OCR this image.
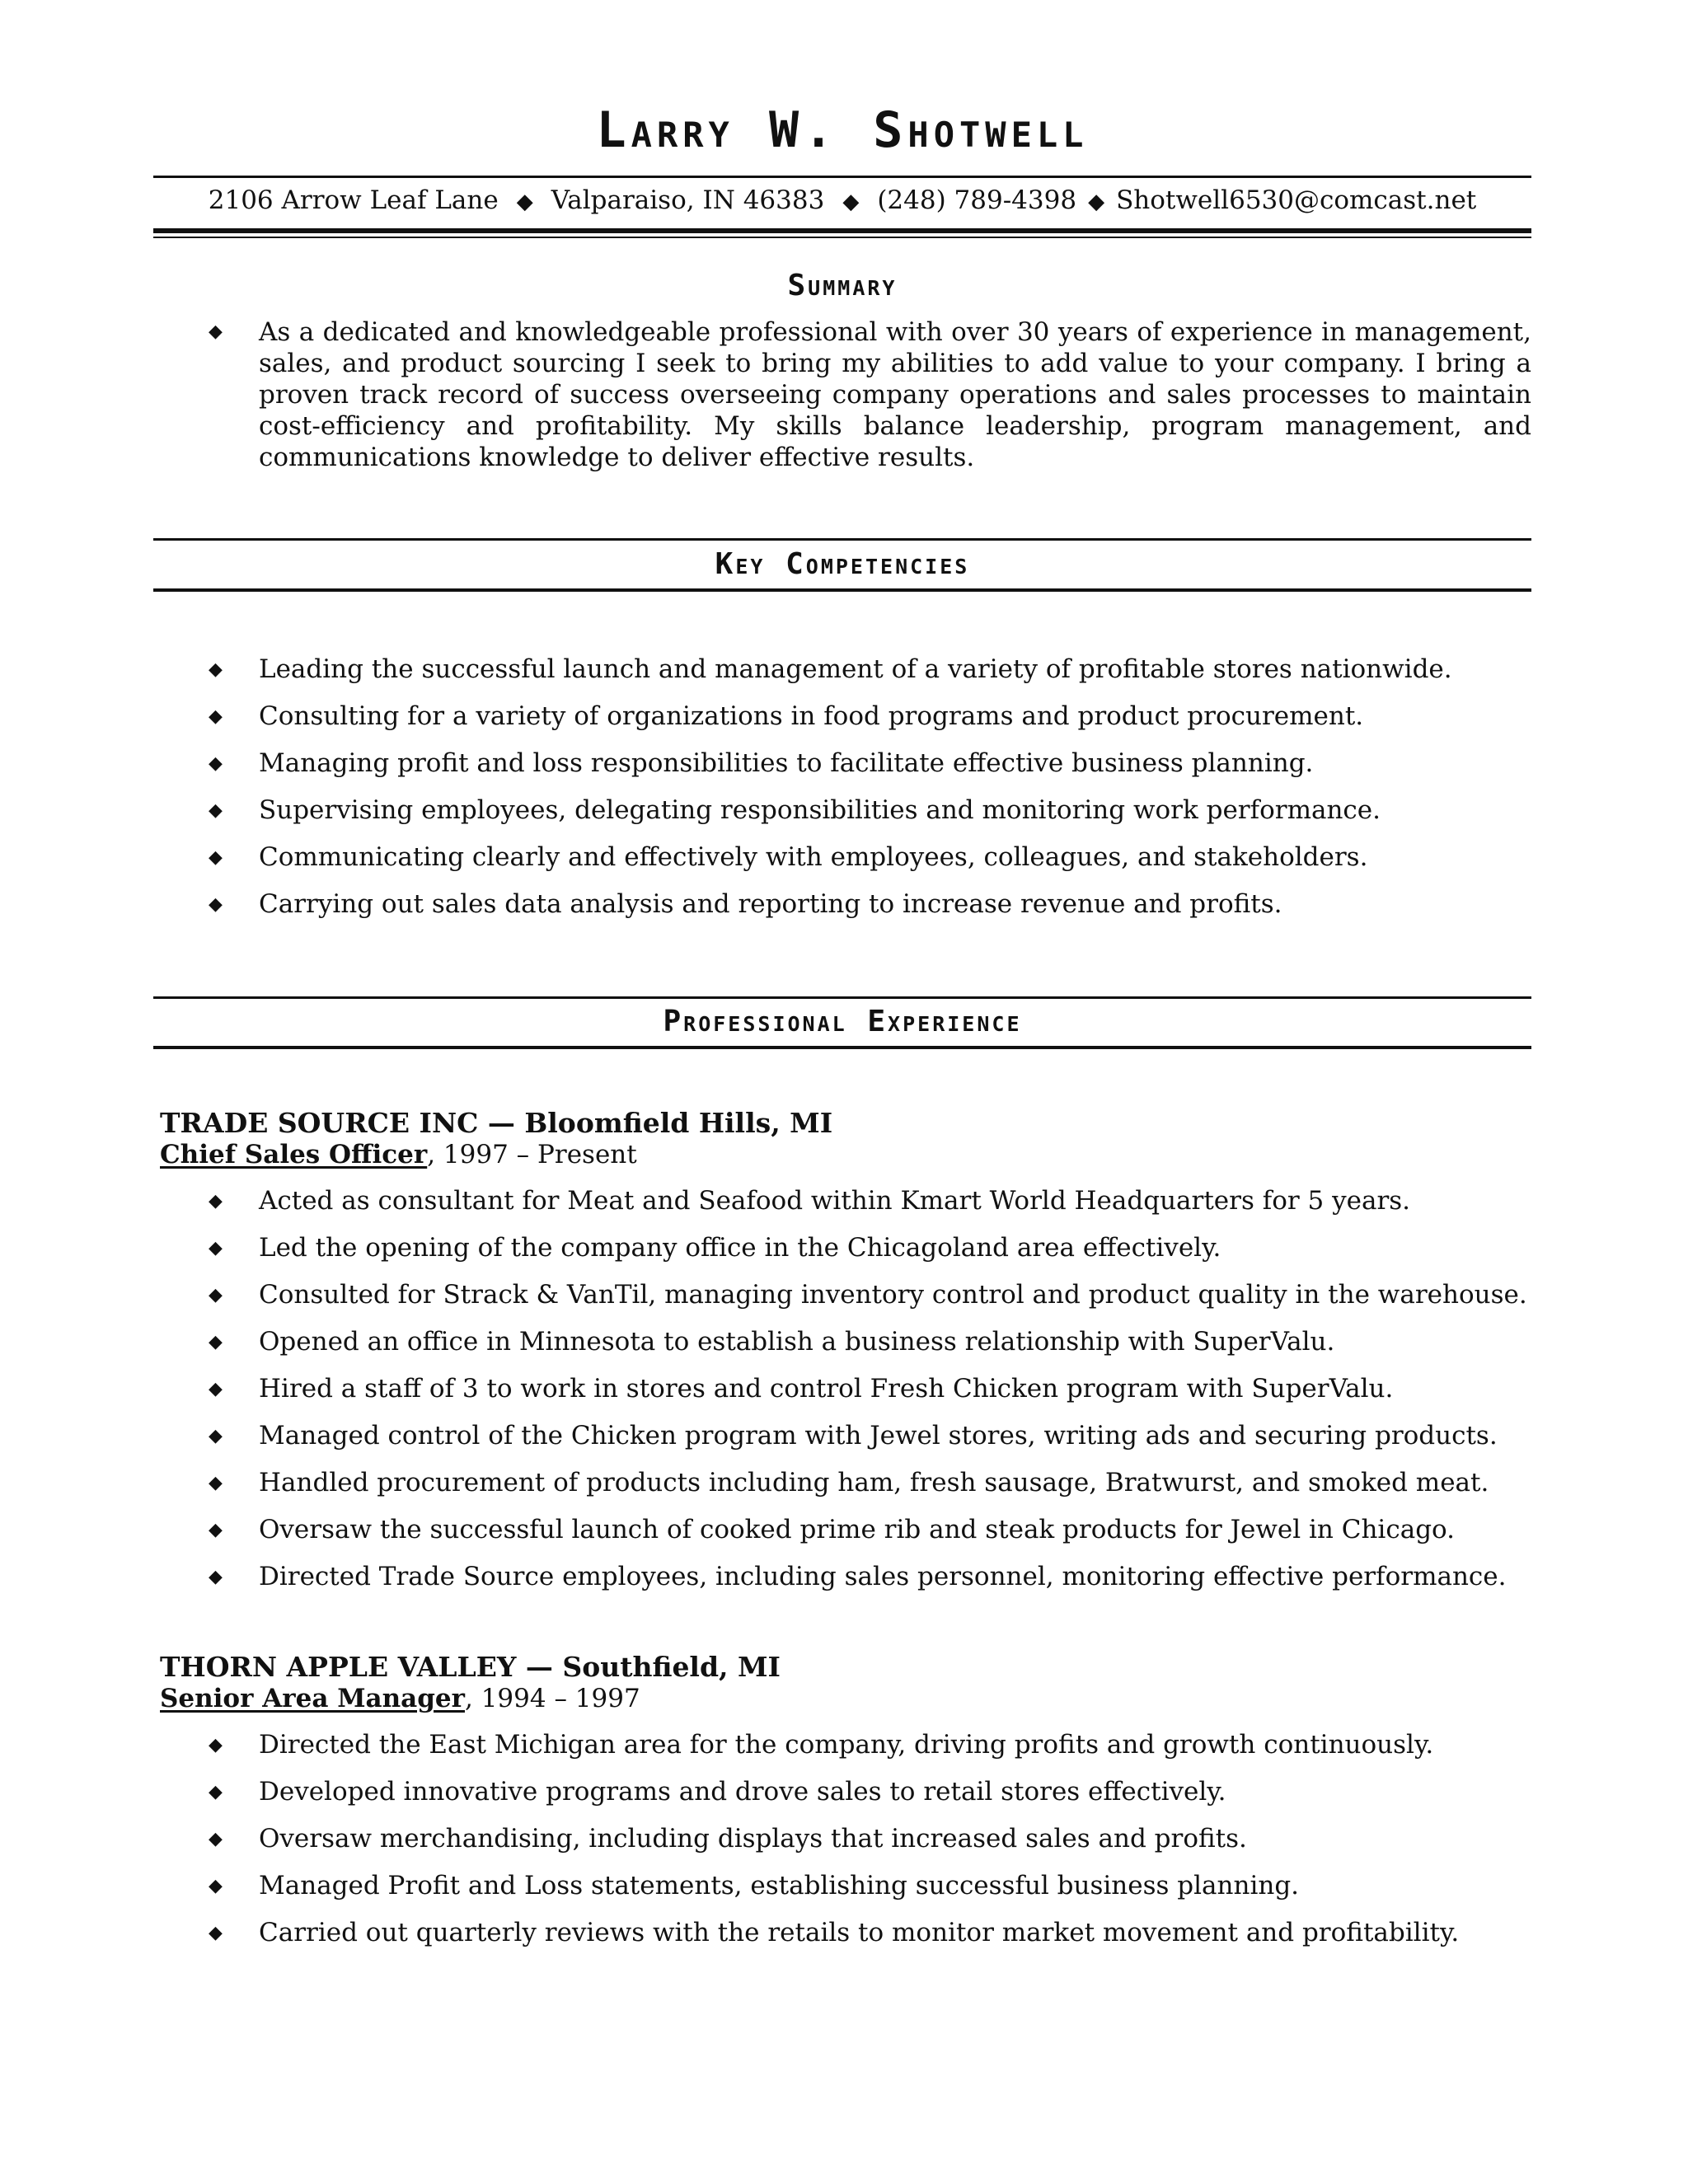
Larry W. Shotwell
2106 Arrow Leaf Lane ◆ Valparaiso, IN 46383 ◆ (248) 789-4398 ◆ Shotwell6530@comcast.net
Summary
◆ As a dedicated and knowledgeable professional with over 30 years of experience in management, sales, and product sourcing I seek to bring my abilities to add value to your company. I bring a proven track record of success overseeing company operations and sales processes to maintain cost-efficiency and profitability. My skills balance leadership, program management, and communications knowledge to deliver effective results.
Key Competencies
◆ Leading the successful launch and management of a variety of profitable stores nationwide.
◆ Consulting for a variety of organizations in food programs and product procurement.
◆ Managing profit and loss responsibilities to facilitate effective business planning.
◆ Supervising employees, delegating responsibilities and monitoring work performance.
◆ Communicating clearly and effectively with employees, colleagues, and stakeholders.
◆ Carrying out sales data analysis and reporting to increase revenue and profits.
Professional Experience
TRADE SOURCE INC — Bloomfield Hills, MI
Chief Sales Officer, 1997 – Present
◆ Acted as consultant for Meat and Seafood within Kmart World Headquarters for 5 years.
◆ Led the opening of the company office in the Chicagoland area effectively.
◆ Consulted for Strack & VanTil, managing inventory control and product quality in the warehouse.
◆ Opened an office in Minnesota to establish a business relationship with SuperValu.
◆ Hired a staff of 3 to work in stores and control Fresh Chicken program with SuperValu.
◆ Managed control of the Chicken program with Jewel stores, writing ads and securing products.
◆ Handled procurement of products including ham, fresh sausage, Bratwurst, and smoked meat.
◆ Oversaw the successful launch of cooked prime rib and steak products for Jewel in Chicago.
◆ Directed Trade Source employees, including sales personnel, monitoring effective performance.
THORN APPLE VALLEY — Southfield, MI
Senior Area Manager, 1994 – 1997
◆ Directed the East Michigan area for the company, driving profits and growth continuously.
◆ Developed innovative programs and drove sales to retail stores effectively.
◆ Oversaw merchandising, including displays that increased sales and profits.
◆ Managed Profit and Loss statements, establishing successful business planning.
◆ Carried out quarterly reviews with the retails to monitor market movement and profitability.
